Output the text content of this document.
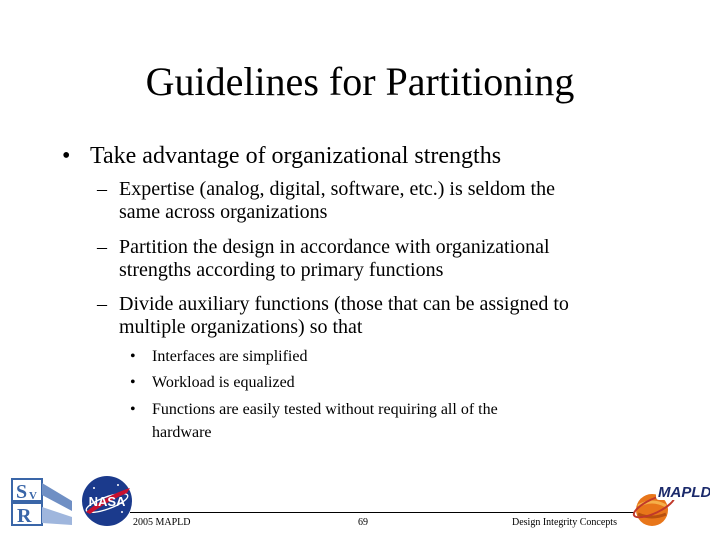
Guidelines for Partitioning
• Take advantage of organizational strengths
– Expertise (analog, digital, software, etc.) is seldom the
same across organizations
– Partition the design in accordance with organizational
strengths according to primary functions
– Divide auxiliary functions (those that can be assigned to
multiple organizations) so that
• Interfaces are simplified
• Workload is equalized
• Functions are easily tested without requiring all of the
hardware
S V
R
NASA
2005 MAPLD	69	Design Integrity Concepts
MAPLD
